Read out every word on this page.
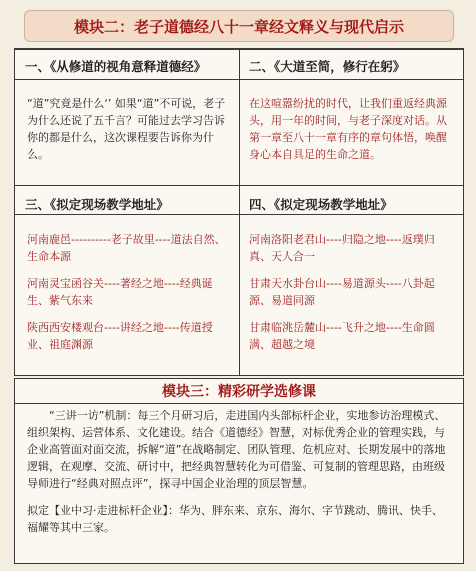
模块二：老子道德经八十一章经文释义与现代启示
一、《从修道的视角意释道德经》
“道”究竟是什么‘’ 如果“道”不可说，老子为什么还说了五千言？可能过去学习告诉你的都是什么，这次课程要告诉你为什么。
二、《大道至简，修行在躬》
在这喧嚣纷扰的时代，让我们重返经典源头，用一年的时间，与老子深度对话。从第一章至八十一章有序的章句体悟，唤醒身心本自具足的生命之道。
三、《拟定现场教学地址》
河南鹿邑----------老子故里----道法自然、生命本源
河南灵宝函谷关----著经之地----经典诞生、紫气东来
陕西西安楼观台----讲经之地----传道授业、祖庭渊源
四、《拟定现场教学地址》
河南洛阳老君山----归隐之地----返璞归真、天人合一
甘肃天水卦台山----易道源头----八卦起源、易道同源
甘肃临洮岳麓山----飞升之地----生命圆满、超越之境
模块三：精彩研学选修课

“三讲一访”机制：每三个月研习后，走进国内头部标杆企业，实地参访治理模式、组织架构、运营体系、文化建设。结合《道德经》智慧，对标优秀企业的管理实践，与企业高管面对面交流，拆解“道”在战略制定、团队管理、危机应对、长期发展中的落地逻辑，在观摩、交流、研讨中，把经典智慧转化为可借鉴、可复制的管理思路，由班级导师进行“经典对照点评”，探寻中国企业治理的顶层智慧。

拟定【业中习·走进标杆企业】：华为、胖东来、京东、海尔、字节跳动、腾讯、快手、福耀等其中三家。
